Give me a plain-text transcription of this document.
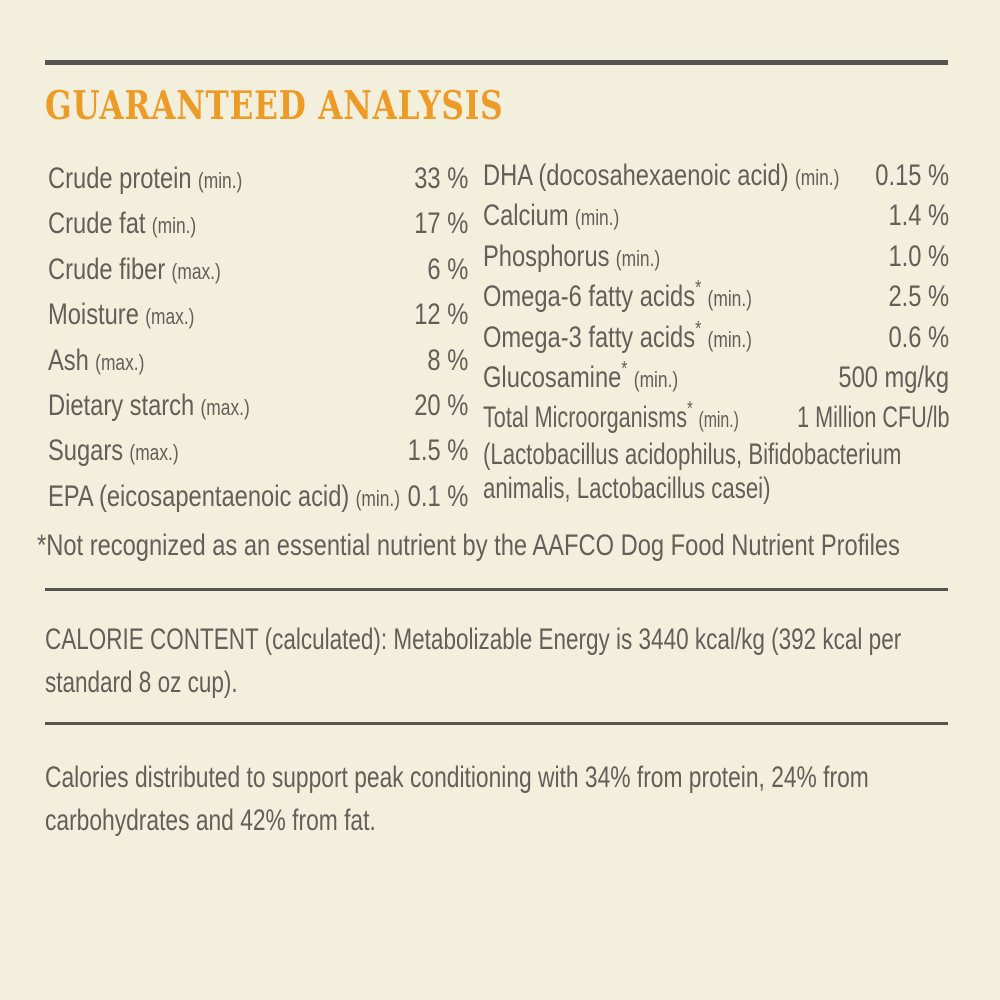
GUARANTEED ANALYSIS
Crude protein (min.)	33 %
Crude fat (min.)	17 %
Crude fiber (max.)	6 %
Moisture (max.)	12 %
Ash (max.)	8 %
Dietary starch (max.)	20 %
Sugars (max.)	1.5 %
EPA (eicosapentaenoic acid) (min.) 0.1 %
DHA (docosahexaenoic acid) (min.) 0.15 %
Calcium (min.)	1.4 %
Phosphorus (min.)	1.0 %
Omega-6 fatty acids* (min.)	2.5 %
Omega-3 fatty acids* (min.)	0.6 %
Glucosamine* (min.)	500 mg/kg
Total Microorganisms* (min.) 1 Million CFU/lb
(Lactobacillus acidophilus, Bifidobacterium
animalis, Lactobacillus casei)
*Not recognized as an essential nutrient by the AAFCO Dog Food Nutrient Profiles
CALORIE CONTENT (calculated): Metabolizable Energy is 3440 kcal/kg (392 kcal per
standard 8 oz cup).
Calories distributed to support peak conditioning with 34% from protein, 24% from
carbohydrates and 42% from fat.
